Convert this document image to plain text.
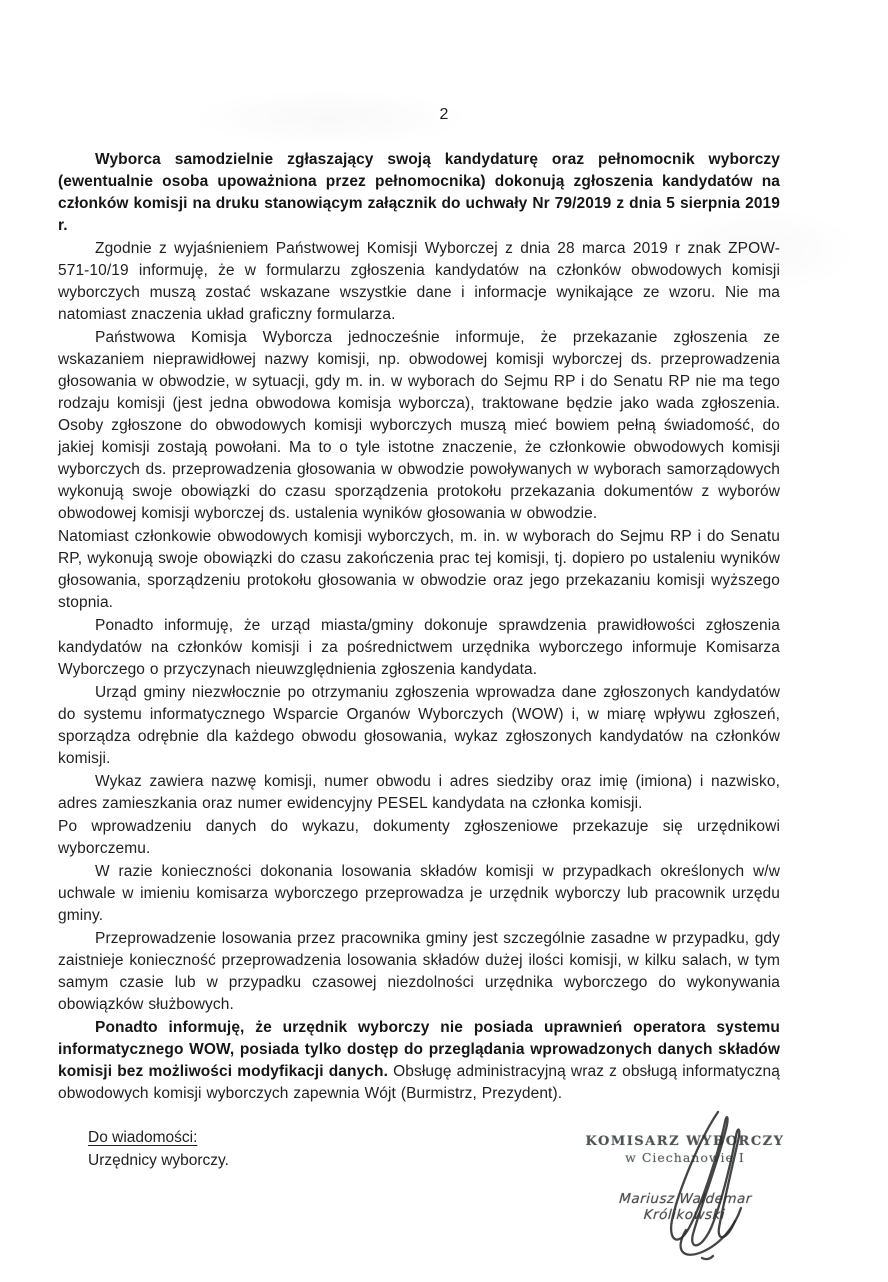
2

Wyborca samodzielnie zgłaszający swoją kandydaturę oraz pełnomocnik wyborczy (ewentualnie osoba upoważniona przez pełnomocnika) dokonują zgłoszenia kandydatów na członków komisji na druku stanowiącym załącznik do uchwały Nr 79/2019 z dnia 5 sierpnia 2019 r.

Zgodnie z wyjaśnieniem Państwowej Komisji Wyborczej z dnia 28 marca 2019 r znak ZPOW-571-10/19 informuję, że w formularzu zgłoszenia kandydatów na członków obwodowych komisji wyborczych muszą zostać wskazane wszystkie dane i informacje wynikające ze wzoru. Nie ma natomiast znaczenia układ graficzny formularza.

Państwowa Komisja Wyborcza jednocześnie informuje, że przekazanie zgłoszenia ze wskazaniem nieprawidłowej nazwy komisji, np. obwodowej komisji wyborczej ds. przeprowadzenia głosowania w obwodzie, w sytuacji, gdy m. in. w wyborach do Sejmu RP i do Senatu RP nie ma tego rodzaju komisji (jest jedna obwodowa komisja wyborcza), traktowane będzie jako wada zgłoszenia. Osoby zgłoszone do obwodowych komisji wyborczych muszą mieć bowiem pełną świadomość, do jakiej komisji zostają powołani. Ma to o tyle istotne znaczenie, że członkowie obwodowych komisji wyborczych ds. przeprowadzenia głosowania w obwodzie powoływanych w wyborach samorządowych wykonują swoje obowiązki do czasu sporządzenia protokołu przekazania dokumentów z wyborów obwodowej komisji wyborczej ds. ustalenia wyników głosowania w obwodzie.

Natomiast członkowie obwodowych komisji wyborczych, m. in. w wyborach do Sejmu RP i do Senatu RP, wykonują swoje obowiązki do czasu zakończenia prac tej komisji, tj. dopiero po ustaleniu wyników głosowania, sporządzeniu protokołu głosowania w obwodzie oraz jego przekazaniu komisji wyższego stopnia.

Ponadto informuję, że urząd miasta/gminy dokonuje sprawdzenia prawidłowości zgłoszenia kandydatów na członków komisji i za pośrednictwem urzędnika wyborczego informuje Komisarza Wyborczego o przyczynach nieuwzględnienia zgłoszenia kandydata.

Urząd gminy niezwłocznie po otrzymaniu zgłoszenia wprowadza dane zgłoszonych kandydatów do systemu informatycznego Wsparcie Organów Wyborczych (WOW) i, w miarę wpływu zgłoszeń, sporządza odrębnie dla każdego obwodu głosowania, wykaz zgłoszonych kandydatów na członków komisji.

Wykaz zawiera nazwę komisji, numer obwodu i adres siedziby oraz imię (imiona) i nazwisko, adres zamieszkania oraz numer ewidencyjny PESEL kandydata na członka komisji.

Po wprowadzeniu danych do wykazu, dokumenty zgłoszeniowe przekazuje się urzędnikowi wyborczemu.

W razie konieczności dokonania losowania składów komisji w przypadkach określonych w/w uchwale w imieniu komisarza wyborczego przeprowadza je urzędnik wyborczy lub pracownik urzędu gminy.

Przeprowadzenie losowania przez pracownika gminy jest szczególnie zasadne w przypadku, gdy zaistnieje konieczność przeprowadzenia losowania składów dużej ilości komisji, w kilku salach, w tym samym czasie lub w przypadku czasowej niezdolności urzędnika wyborczego do wykonywania obowiązków służbowych.

Ponadto informuję, że urzędnik wyborczy nie posiada uprawnień operatora systemu informatycznego WOW, posiada tylko dostęp do przeglądania wprowadzonych danych składów komisji bez możliwości modyfikacji danych. Obsługę administracyjną wraz z obsługą informatyczną obwodowych komisji wyborczych zapewnia Wójt (Burmistrz, Prezydent).

Do wiadomości:
Urzędnicy wyborczy.
KOMISARZ WYBORCZY
w Ciechanowie I
Mariusz Waldemar Królikowski
